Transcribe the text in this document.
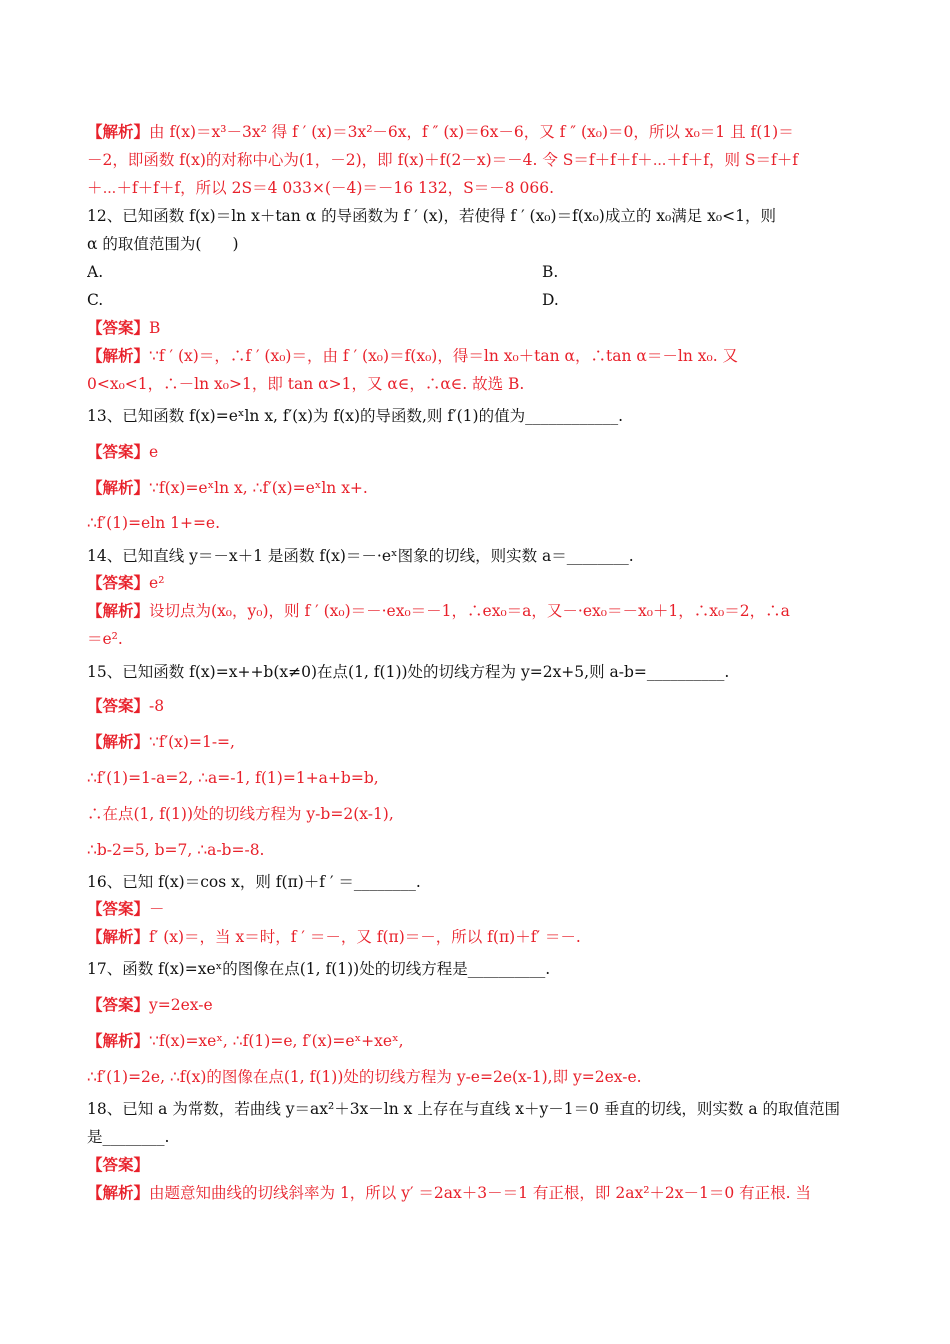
【解析】由 f(x)＝x³－3x² 得 f ′ (x)＝3x²－6x，f ″ (x)＝6x－6，又 f ″ (x₀)＝0，所以 x₀＝1 且 f(1)＝
－2，即函数 f(x)的对称中心为(1，－2)，即 f(x)＋f(2－x)＝－4. 令 S＝f＋f＋f＋⋯＋f＋f，则 S＝f＋f
＋⋯＋f＋f＋f，所以 2S＝4 033×(－4)＝－16 132，S＝－8 066.
12、已知函数 f(x)＝ln x＋tan α 的导函数为 f ′ (x)，若使得 f ′ (x₀)＝f(x₀)成立的 x₀满足 x₀<1，则
α 的取值范围为(　　)
A.	B.
C.	D.
【答案】B
【解析】∵f ′ (x)＝，∴f ′ (x₀)＝，由 f ′ (x₀)＝f(x₀)，得＝ln x₀＋tan α，∴tan α＝－ln x₀. 又
0<x₀<1，∴－ln x₀>1，即 tan α>1，又 α∈，∴α∈. 故选 B.
13、已知函数 f(x)=eˣln x, f′(x)为 f(x)的导函数,则 f′(1)的值为____________.
【答案】e
【解析】∵f(x)=eˣln x, ∴f′(x)=eˣln x+.
∴f′(1)=eln 1+=e.
14、已知直线 y＝－x＋1 是函数 f(x)＝－·eˣ图象的切线，则实数 a＝________.
【答案】e²
【解析】设切点为(x₀，y₀)，则 f ′ (x₀)＝－·ex₀＝－1，∴ex₀＝a，又－·ex₀＝－x₀＋1，∴x₀＝2，∴a
＝e².
15、已知函数 f(x)=x++b(x≠0)在点(1, f(1))处的切线方程为 y=2x+5,则 a-b=__________.
【答案】-8
【解析】∵f′(x)=1-=,
∴f′(1)=1-a=2, ∴a=-1, f(1)=1+a+b=b,
∴在点(1, f(1))处的切线方程为 y-b=2(x-1),
∴b-2=5, b=7, ∴a-b=-8.
16、已知 f(x)＝cos x，则 f(π)＋f ′ ＝________.
【答案】－
【解析】f′ (x)＝，当 x＝时，f ′ ＝－，又 f(π)＝－，所以 f(π)＋f′ ＝－.
17、函数 f(x)=xeˣ的图像在点(1, f(1))处的切线方程是__________.
【答案】y=2ex-e
【解析】∵f(x)=xeˣ, ∴f(1)=e, f′(x)=eˣ+xeˣ,
∴f′(1)=2e, ∴f(x)的图像在点(1, f(1))处的切线方程为 y-e=2e(x-1),即 y=2ex-e.
18、已知 a 为常数，若曲线 y＝ax²＋3x－ln x 上存在与直线 x＋y－1＝0 垂直的切线，则实数 a 的取值范围
是________.
【答案】
【解析】由题意知曲线的切线斜率为 1，所以 y′ ＝2ax＋3－＝1 有正根，即 2ax²＋2x－1＝0 有正根. 当
